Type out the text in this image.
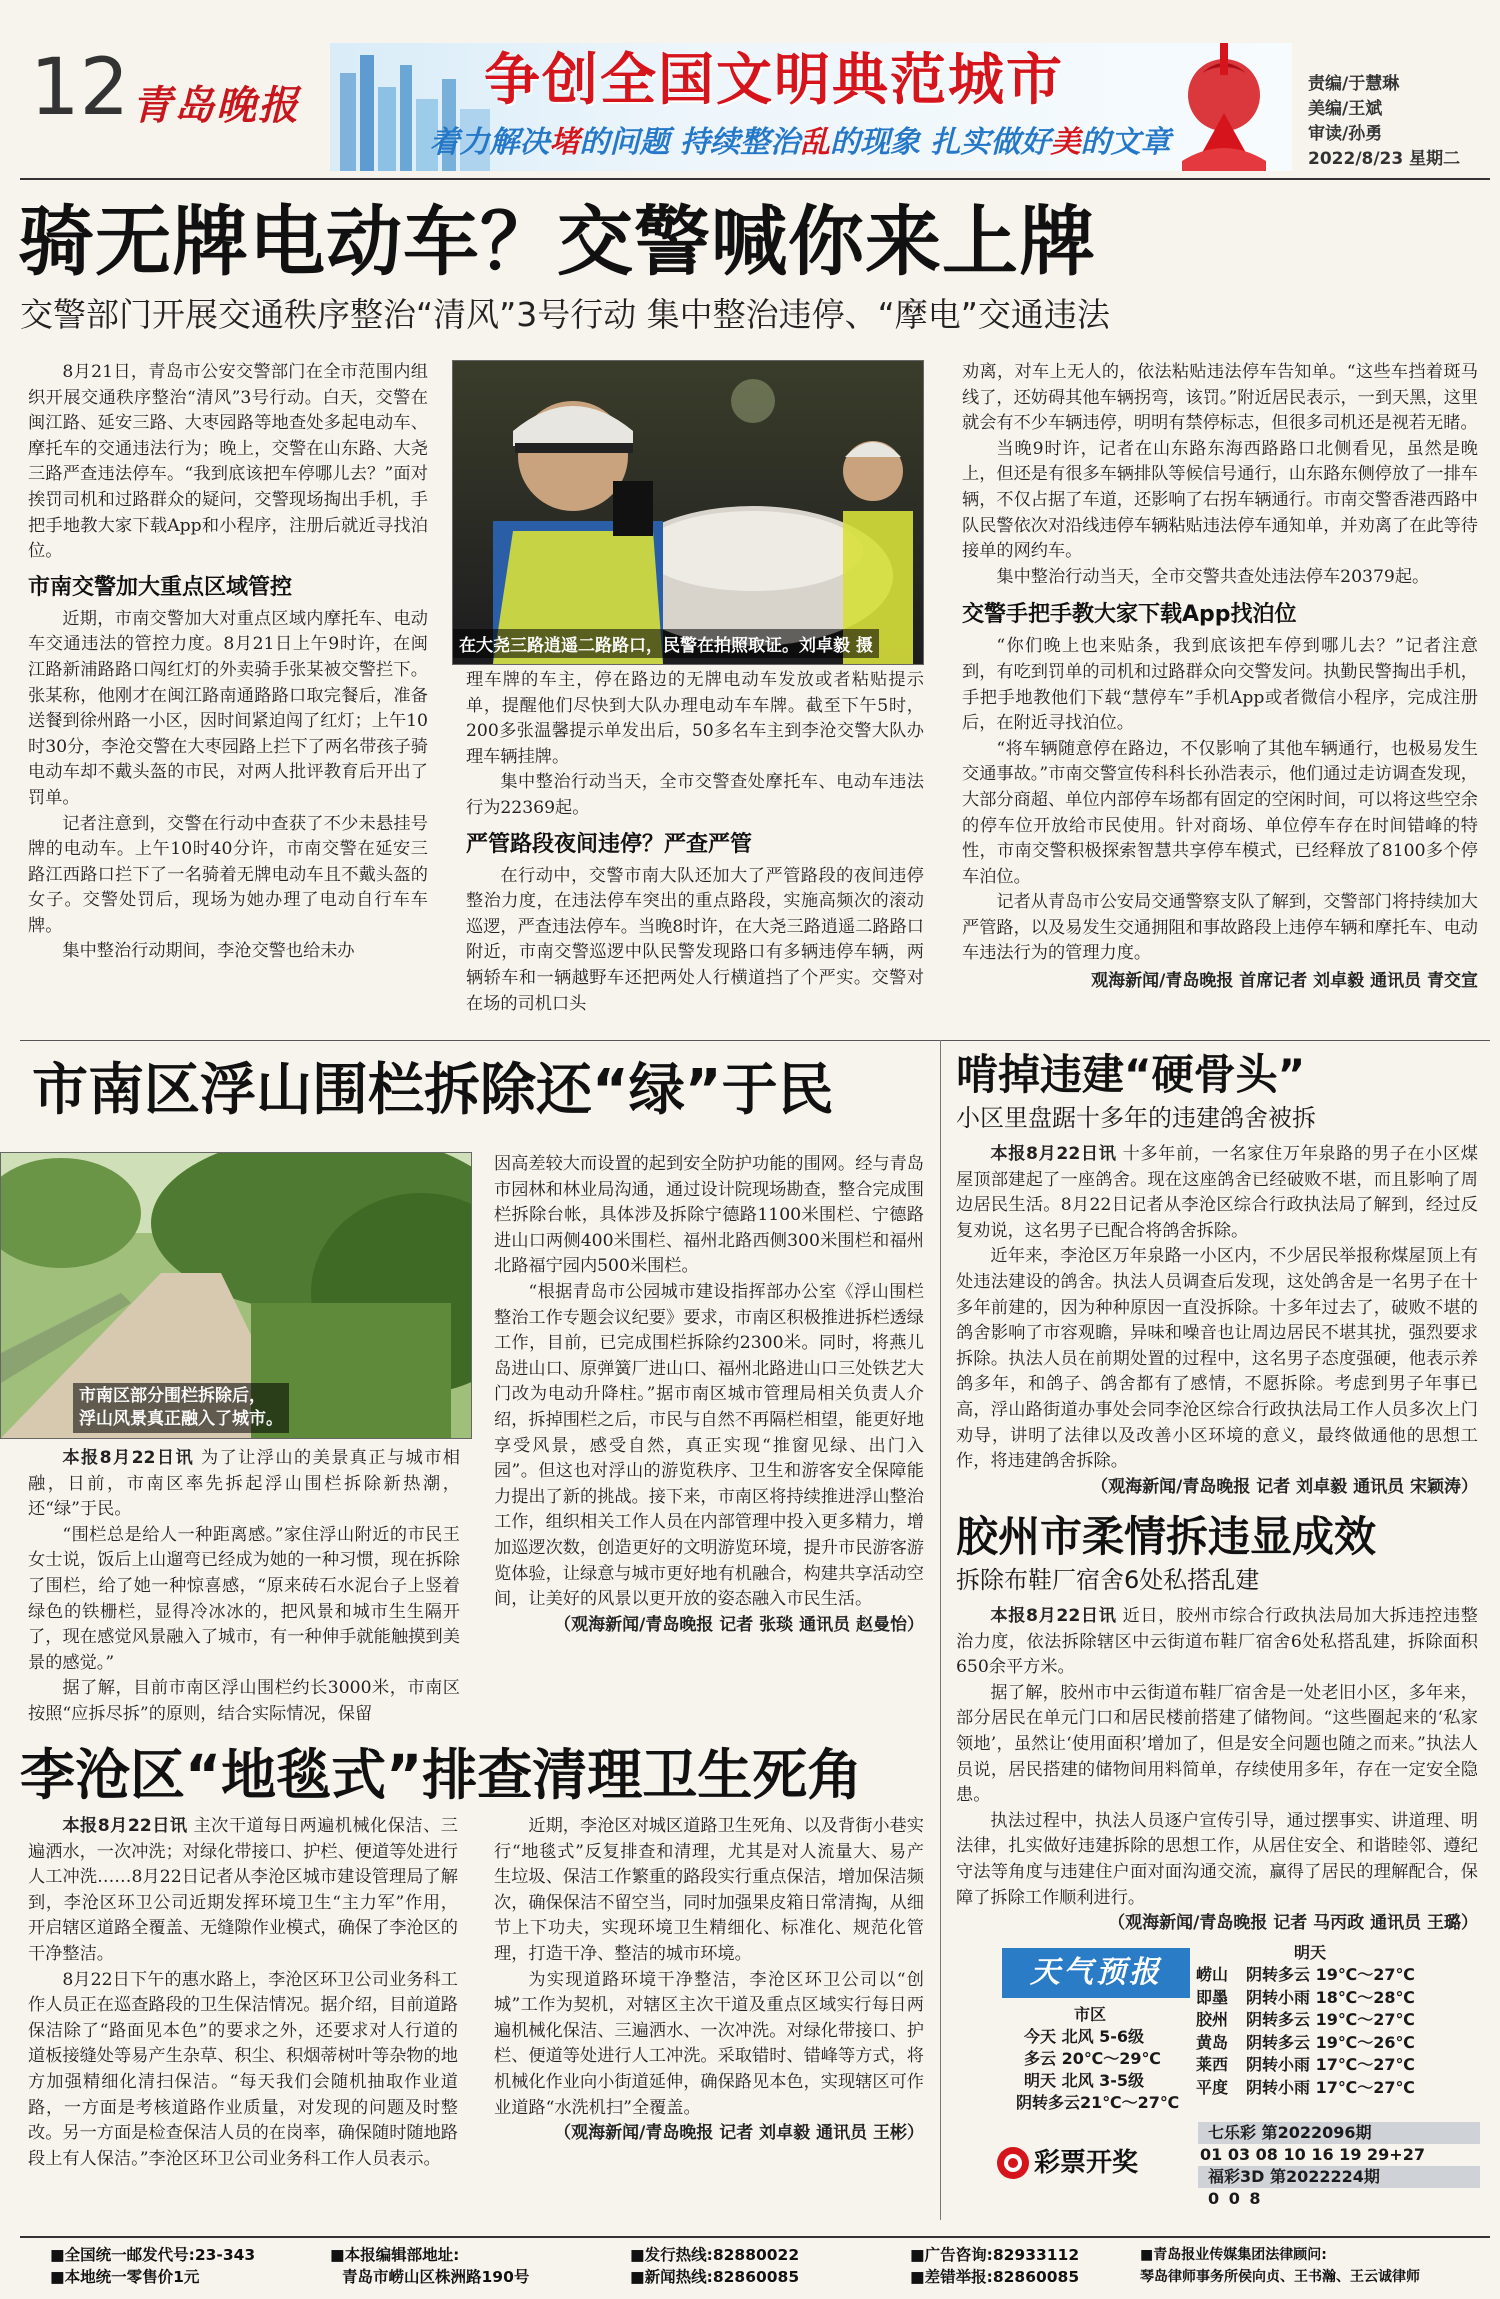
12 青岛晚报	争创全国文明典范城市
着力解决堵的问题 持续整治乱的现象 扎实做好美的文章
责编/于慧琳
美编/王斌
审读/孙勇
2022/8/23 星期二
骑无牌电动车？交警喊你来上牌
交警部门开展交通秩序整治“清风”3号行动 集中整治违停、“摩电”交通违法

8月21日，青岛市公安交警部门在全市范围内组织开展交通秩序整治“清风”3号行动。白天，交警在闽江路、延安三路、大枣园路等地查处多起电动车、摩托车的交通违法行为；晚上，交警在山东路、大尧三路严查违法停车。“我到底该把车停哪儿去？”面对挨罚司机和过路群众的疑问，交警现场掏出手机，手把手地教大家下载App和小程序，注册后就近寻找泊位。

市南交警加大重点区域管控

近期，市南交警加大对重点区域内摩托车、电动车交通违法的管控力度。8月21日上午9时许，在闽江路新浦路路口闯红灯的外卖骑手张某被交警拦下。张某称，他刚才在闽江路南通路路口取完餐后，准备送餐到徐州路一小区，因时间紧迫闯了红灯；上午10时30分，李沧交警在大枣园路上拦下了两名带孩子骑电动车却不戴头盔的市民，对两人批评教育后开出了罚单。

记者注意到，交警在行动中查获了不少未悬挂号牌的电动车。上午10时40分许，市南交警在延安三路江西路口拦下了一名骑着无牌电动车且不戴头盔的女子。交警处罚后，现场为她办理了电动自行车车牌。

集中整治行动期间，李沧交警也给未办

在大尧三路逍遥二路路口，民警在拍照取证。刘卓毅 摄

理车牌的车主，停在路边的无牌电动车发放或者粘贴提示单，提醒他们尽快到大队办理电动车车牌。截至下午5时，200多张温馨提示单发出后，50多名车主到李沧交警大队办理车辆挂牌。

集中整治行动当天，全市交警查处摩托车、电动车违法行为22369起。

严管路段夜间违停？严查严管

在行动中，交警市南大队还加大了严管路段的夜间违停整治力度，在违法停车突出的重点路段，实施高频次的滚动巡逻，严查违法停车。当晚8时许，在大尧三路逍遥二路路口附近，市南交警巡逻中队民警发现路口有多辆违停车辆，两辆轿车和一辆越野车还把两处人行横道挡了个严实。交警对在场的司机口头

劝离，对车上无人的，依法粘贴违法停车告知单。“这些车挡着斑马线了，还妨碍其他车辆拐弯，该罚。”附近居民表示，一到天黑，这里就会有不少车辆违停，明明有禁停标志，但很多司机还是视若无睹。

当晚9时许，记者在山东路东海西路路口北侧看见，虽然是晚上，但还是有很多车辆排队等候信号通行，山东路东侧停放了一排车辆，不仅占据了车道，还影响了右拐车辆通行。市南交警香港西路中队民警依次对沿线违停车辆粘贴违法停车通知单，并劝离了在此等待接单的网约车。

集中整治行动当天，全市交警共查处违法停车20379起。

交警手把手教大家下载App找泊位

“你们晚上也来贴条，我到底该把车停到哪儿去？”记者注意到，有吃到罚单的司机和过路群众向交警发问。执勤民警掏出手机，手把手地教他们下载“慧停车”手机App或者微信小程序，完成注册后，在附近寻找泊位。

“将车辆随意停在路边，不仅影响了其他车辆通行，也极易发生交通事故。”市南交警宣传科科长孙浩表示，他们通过走访调查发现，大部分商超、单位内部停车场都有固定的空闲时间，可以将这些空余的停车位开放给市民使用。针对商场、单位停车存在时间错峰的特性，市南交警积极探索智慧共享停车模式，已经释放了8100多个停车泊位。

记者从青岛市公安局交通警察支队了解到，交警部门将持续加大严管路，以及易发生交通拥阻和事故路段上违停车辆和摩托车、电动车违法行为的管理力度。

观海新闻/青岛晚报 首席记者 刘卓毅 通讯员 青交宣
市南区浮山围栏拆除还“绿”于民
市南区部分围栏拆除后，
浮山风景真正融入了城市。

本报8月22日讯 为了让浮山的美景真正与城市相融，日前，市南区率先拆起浮山围栏拆除新热潮，还“绿”于民。

“围栏总是给人一种距离感。”家住浮山附近的市民王女士说，饭后上山遛弯已经成为她的一种习惯，现在拆除了围栏，给了她一种惊喜感，“原来砖石水泥台子上竖着绿色的铁栅栏，显得冷冰冰的，把风景和城市生生隔开了，现在感觉风景融入了城市，有一种伸手就能触摸到美景的感觉。”

据了解，目前市南区浮山围栏约长3000米，市南区按照“应拆尽拆”的原则，结合实际情况，保留

因高差较大而设置的起到安全防护功能的围网。经与青岛市园林和林业局沟通，通过设计院现场勘查，整合完成围栏拆除台帐，具体涉及拆除宁德路1100米围栏、宁德路进山口两侧400米围栏、福州北路西侧300米围栏和福州北路福宁园内500米围栏。

“根据青岛市公园城市建设指挥部办公室《浮山围栏整治工作专题会议纪要》要求，市南区积极推进拆栏透绿工作，目前，已完成围栏拆除约2300米。同时，将燕儿岛进山口、原弹簧厂进山口、福州北路进山口三处铁艺大门改为电动升降柱。”据市南区城市管理局相关负责人介绍，拆掉围栏之后，市民与自然不再隔栏相望，能更好地享受风景，感受自然，真正实现“推窗见绿、出门入园”。但这也对浮山的游览秩序、卫生和游客安全保障能力提出了新的挑战。接下来，市南区将持续推进浮山整治工作，组织相关工作人员在内部管理中投入更多精力，增加巡逻次数，创造更好的文明游览环境，提升市民游客游览体验，让绿意与城市更好地有机融合，构建共享活动空间，让美好的风景以更开放的姿态融入市民生活。

（观海新闻/青岛晚报 记者 张琰 通讯员 赵曼怡）
啃掉违建“硬骨头”
小区里盘踞十多年的违建鸽舍被拆

本报8月22日讯 十多年前，一名家住万年泉路的男子在小区煤屋顶部建起了一座鸽舍。现在这座鸽舍已经破败不堪，而且影响了周边居民生活。8月22日记者从李沧区综合行政执法局了解到，经过反复劝说，这名男子已配合将鸽舍拆除。

近年来，李沧区万年泉路一小区内，不少居民举报称煤屋顶上有处违法建设的鸽舍。执法人员调查后发现，这处鸽舍是一名男子在十多年前建的，因为种种原因一直没拆除。十多年过去了，破败不堪的鸽舍影响了市容观瞻，异味和噪音也让周边居民不堪其扰，强烈要求拆除。执法人员在前期处置的过程中，这名男子态度强硬，他表示养鸽多年，和鸽子、鸽舍都有了感情，不愿拆除。考虑到男子年事已高，浮山路街道办事处会同李沧区综合行政执法局工作人员多次上门劝导，讲明了法律以及改善小区环境的意义，最终做通他的思想工作，将违建鸽舍拆除。

（观海新闻/青岛晚报 记者 刘卓毅 通讯员 宋颖涛）
胶州市柔情拆违显成效
拆除布鞋厂宿舍6处私搭乱建

本报8月22日讯 近日，胶州市综合行政执法局加大拆违控违整治力度，依法拆除辖区中云街道布鞋厂宿舍6处私搭乱建，拆除面积650余平方米。

据了解，胶州市中云街道布鞋厂宿舍是一处老旧小区，多年来，部分居民在单元门口和居民楼前搭建了储物间。“这些圈起来的‘私家领地’，虽然让‘使用面积’增加了，但是安全问题也随之而来。”执法人员说，居民搭建的储物间用料简单，存续使用多年，存在一定安全隐患。

执法过程中，执法人员逐户宣传引导，通过摆事实、讲道理、明法律，扎实做好违建拆除的思想工作，从居住安全、和谐睦邻、遵纪守法等角度与违建住户面对面沟通交流，赢得了居民的理解配合，保障了拆除工作顺利进行。

（观海新闻/青岛晚报 记者 马丙政 通讯员 王璐）
天气预报
市区
今天 北风 5-6级
多云 20℃～29℃
明天 北风 3-5级
阴转多云21℃～27℃
明天
崂山 阴转多云 19℃～27℃
即墨 阴转小雨 18℃～28℃
胶州 阴转多云 19℃～27℃
黄岛 阴转多云 19℃～26℃
莱西 阴转小雨 17℃～27℃
平度 阴转小雨 17℃～27℃
彩票开奖
七乐彩 第2022096期
01 03 08 10 16 19 29+27
福彩3D 第2022224期
0 0 8
李沧区“地毯式”排查清理卫生死角

本报8月22日讯 主次干道每日两遍机械化保洁、三遍洒水，一次冲洗；对绿化带接口、护栏、便道等处进行人工冲洗……8月22日记者从李沧区城市建设管理局了解到，李沧区环卫公司近期发挥环境卫生“主力军”作用，开启辖区道路全覆盖、无缝隙作业模式，确保了李沧区的干净整洁。

8月22日下午的惠水路上，李沧区环卫公司业务科工作人员正在巡查路段的卫生保洁情况。据介绍，目前道路保洁除了“路面见本色”的要求之外，还要求对人行道的道板接缝处等易产生杂草、积尘、积烟蒂树叶等杂物的地方加强精细化清扫保洁。“每天我们会随机抽取作业道路，一方面是考核道路作业质量，对发现的问题及时整改。另一方面是检查保洁人员的在岗率，确保随时随地路段上有人保洁。”李沧区环卫公司业务科工作人员表示。

近期，李沧区对城区道路卫生死角、以及背街小巷实行“地毯式”反复排查和清理，尤其是对人流量大、易产生垃圾、保洁工作繁重的路段实行重点保洁，增加保洁频次，确保保洁不留空当，同时加强果皮箱日常清掏，从细节上下功夫，实现环境卫生精细化、标准化、规范化管理，打造干净、整洁的城市环境。

为实现道路环境干净整洁，李沧区环卫公司以“创城”工作为契机，对辖区主次干道及重点区域实行每日两遍机械化保洁、三遍洒水、一次冲洗。对绿化带接口、护栏、便道等处进行人工冲洗。采取错时、错峰等方式，将机械化作业向小街道延伸，确保路见本色，实现辖区可作业道路“水洗机扫”全覆盖。

（观海新闻/青岛晚报 记者 刘卓毅 通讯员 王彬）
■全国统一邮发代号:23-343
■本地统一零售价1元
■本报编辑部地址:
青岛市崂山区株洲路190号
■发行热线:82880022
■新闻热线:82860085
■广告咨询:82933112
■差错举报:82860085
■青岛报业传媒集团法律顾问:
琴岛律师事务所侯向贞、王书瀚、王云诚律师
